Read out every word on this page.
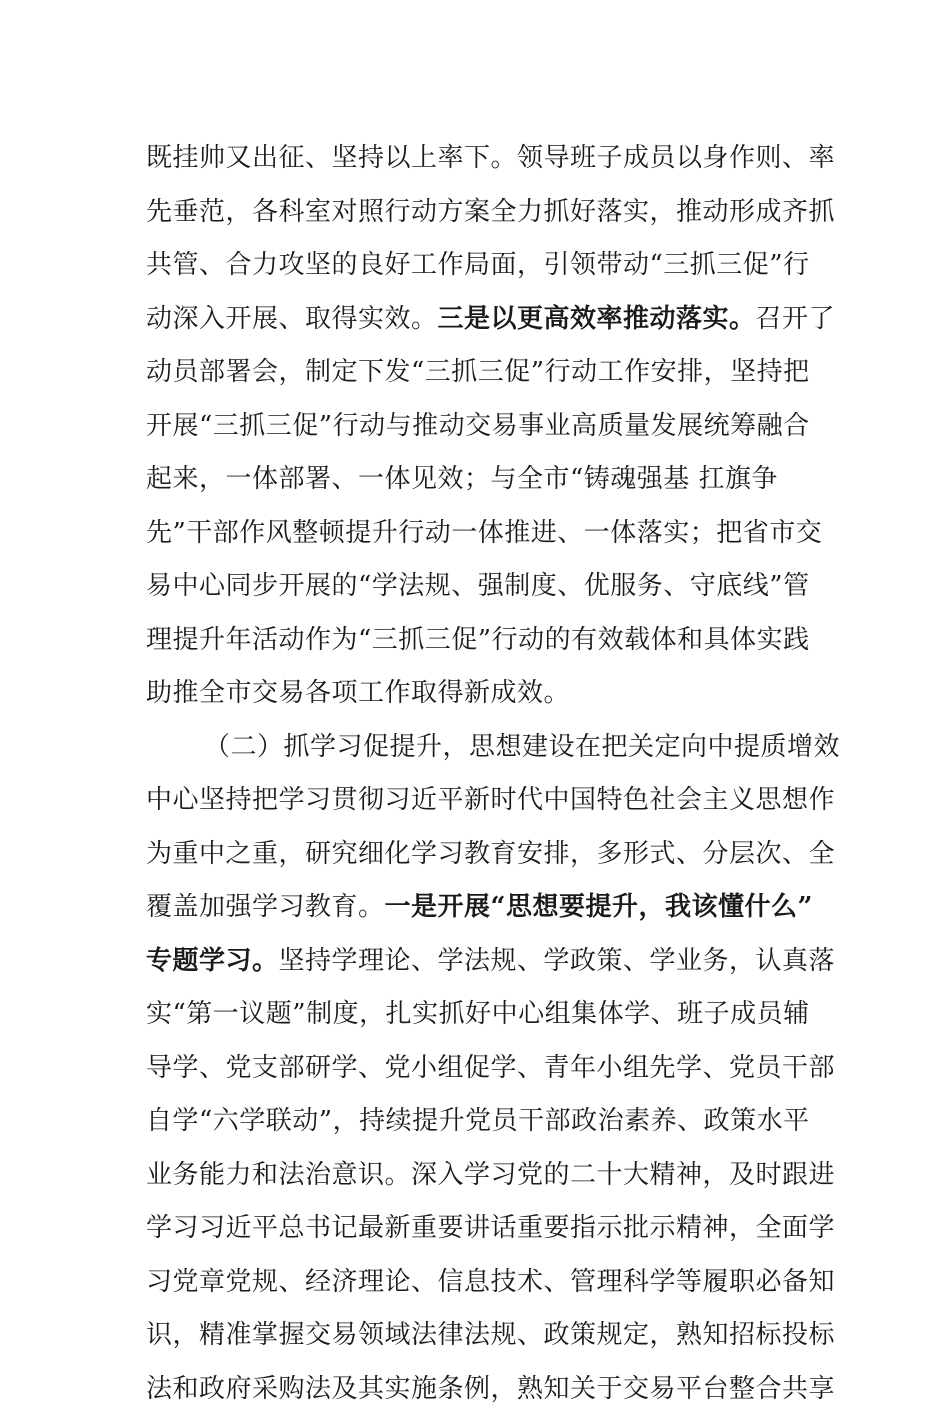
既挂帅又出征、坚持以上率下。领导班子成员以身作则、率
先垂范，各科室对照行动方案全力抓好落实，推动形成齐抓
共管、合力攻坚的良好工作局面，引领带动“三抓三促”行
动深入开展、取得实效。三是以更高效率推动落实。召开了
动员部署会，制定下发“三抓三促”行动工作安排，坚持把
开展“三抓三促”行动与推动交易事业高质量发展统筹融合
起来，一体部署、一体见效；与全市“铸魂强基 扛旗争
先”干部作风整顿提升行动一体推进、一体落实；把省市交
易中心同步开展的“学法规、强制度、优服务、守底线”管
理提升年活动作为“三抓三促”行动的有效载体和具体实践
助推全市交易各项工作取得新成效。
（二）抓学习促提升，思想建设在把关定向中提质增效
中心坚持把学习贯彻习近平新时代中国特色社会主义思想作
为重中之重，研究细化学习教育安排，多形式、分层次、全
覆盖加强学习教育。一是开展“思想要提升，我该懂什么”
专题学习。坚持学理论、学法规、学政策、学业务，认真落
实“第一议题”制度，扎实抓好中心组集体学、班子成员辅
导学、党支部研学、党小组促学、青年小组先学、党员干部
自学“六学联动”，持续提升党员干部政治素养、政策水平
业务能力和法治意识。深入学习党的二十大精神，及时跟进
学习习近平总书记最新重要讲话重要指示批示精神，全面学
习党章党规、经济理论、信息技术、管理科学等履职必备知
识，精准掌握交易领域法律法规、政策规定，熟知招标投标
法和政府采购法及其实施条例，熟知关于交易平台整合共享
